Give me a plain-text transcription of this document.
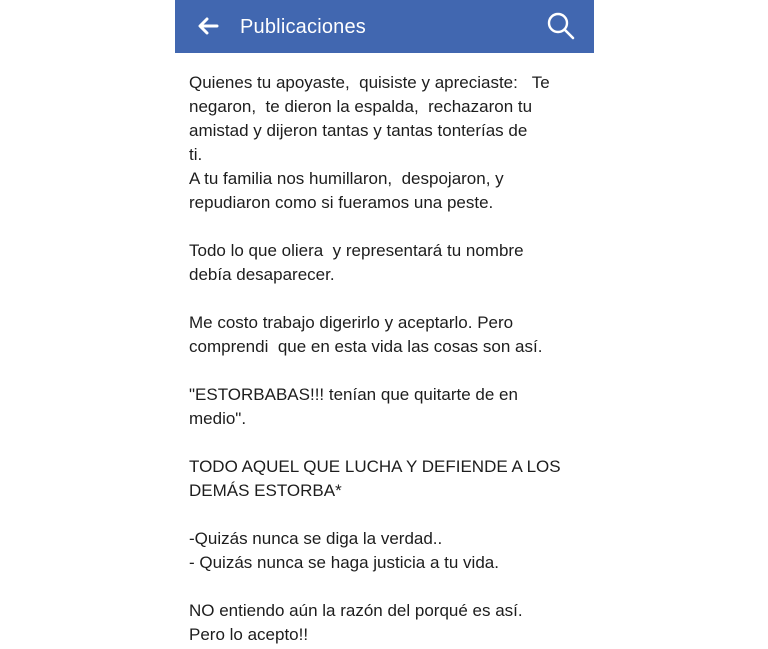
Publicaciones

Quienes tu apoyaste,  quisiste y apreciaste:   Te
negaron,  te dieron la espalda,  rechazaron tu
amistad y dijeron tantas y tantas tonterías de
ti.
A tu familia nos humillaron,  despojaron, y
repudiaron como si fueramos una peste.

Todo lo que oliera  y representará tu nombre
debía desaparecer.

Me costo trabajo digerirlo y aceptarlo. Pero
comprendi  que en esta vida las cosas son así.

"ESTORBABAS!!! tenían que quitarte de en
medio".

TODO AQUEL QUE LUCHA Y DEFIENDE A LOS
DEMÁS ESTORBA*

-Quizás nunca se diga la verdad..
- Quizás nunca se haga justicia a tu vida.

NO entiendo aún la razón del porqué es así.
Pero lo acepto!!
